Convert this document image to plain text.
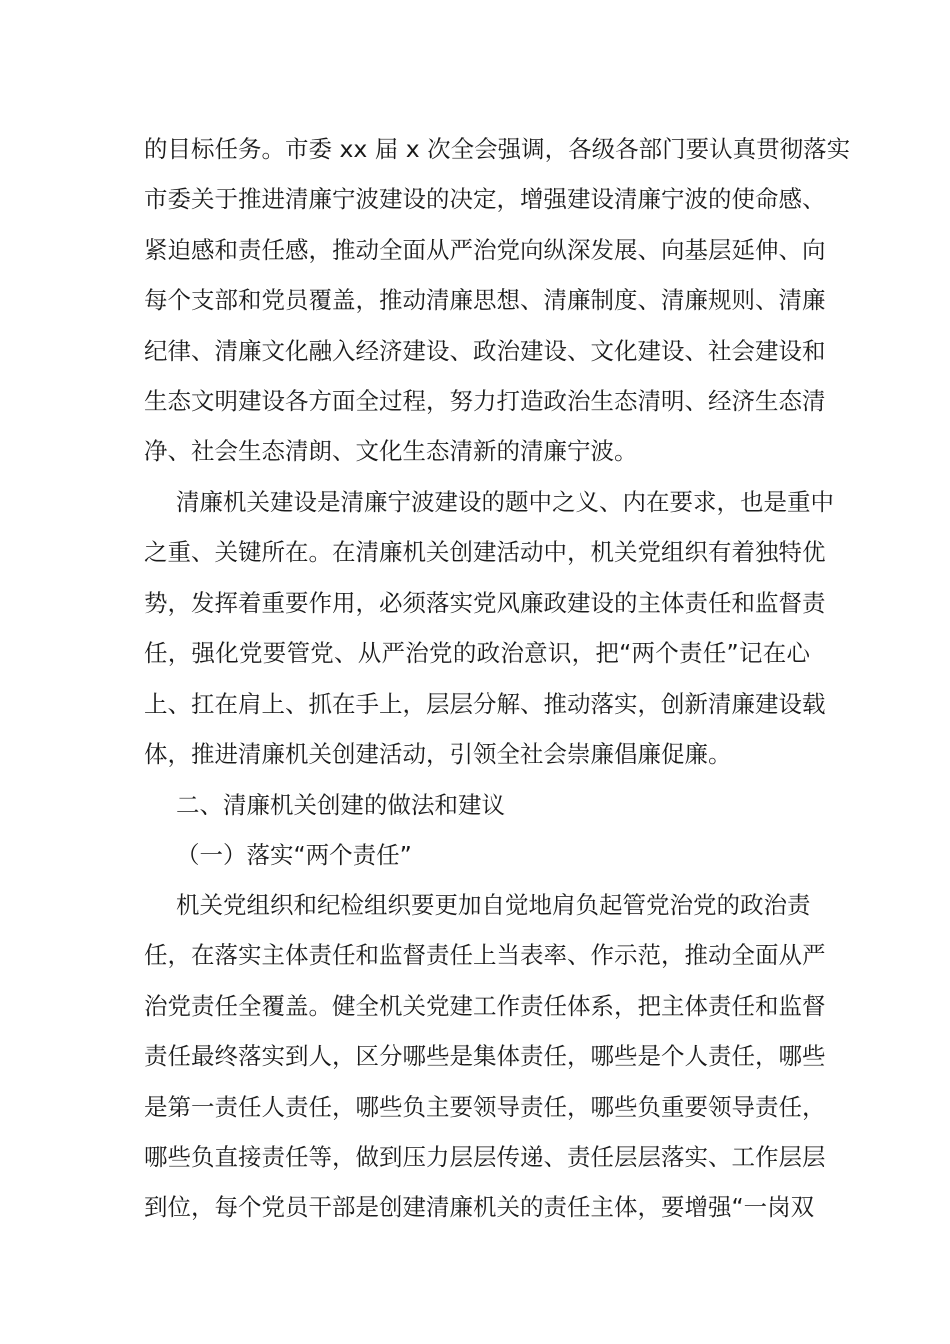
的目标任务。市委 xx 届 x 次全会强调，各级各部门要认真贯彻落实
市委关于推进清廉宁波建设的决定，增强建设清廉宁波的使命感、
紧迫感和责任感，推动全面从严治党向纵深发展、向基层延伸、向
每个支部和党员覆盖，推动清廉思想、清廉制度、清廉规则、清廉
纪律、清廉文化融入经济建设、政治建设、文化建设、社会建设和
生态文明建设各方面全过程，努力打造政治生态清明、经济生态清
净、社会生态清朗、文化生态清新的清廉宁波。
清廉机关建设是清廉宁波建设的题中之义、内在要求，也是重中
之重、关键所在。在清廉机关创建活动中，机关党组织有着独特优
势，发挥着重要作用，必须落实党风廉政建设的主体责任和监督责
任，强化党要管党、从严治党的政治意识，把“两个责任”记在心
上、扛在肩上、抓在手上，层层分解、推动落实，创新清廉建设载
体，推进清廉机关创建活动，引领全社会崇廉倡廉促廉。
二、清廉机关创建的做法和建议
（一）落实“两个责任”
机关党组织和纪检组织要更加自觉地肩负起管党治党的政治责
任，在落实主体责任和监督责任上当表率、作示范，推动全面从严
治党责任全覆盖。健全机关党建工作责任体系，把主体责任和监督
责任最终落实到人，区分哪些是集体责任，哪些是个人责任，哪些
是第一责任人责任，哪些负主要领导责任，哪些负重要领导责任，
哪些负直接责任等，做到压力层层传递、责任层层落实、工作层层
到位，每个党员干部是创建清廉机关的责任主体，要增强“一岗双
